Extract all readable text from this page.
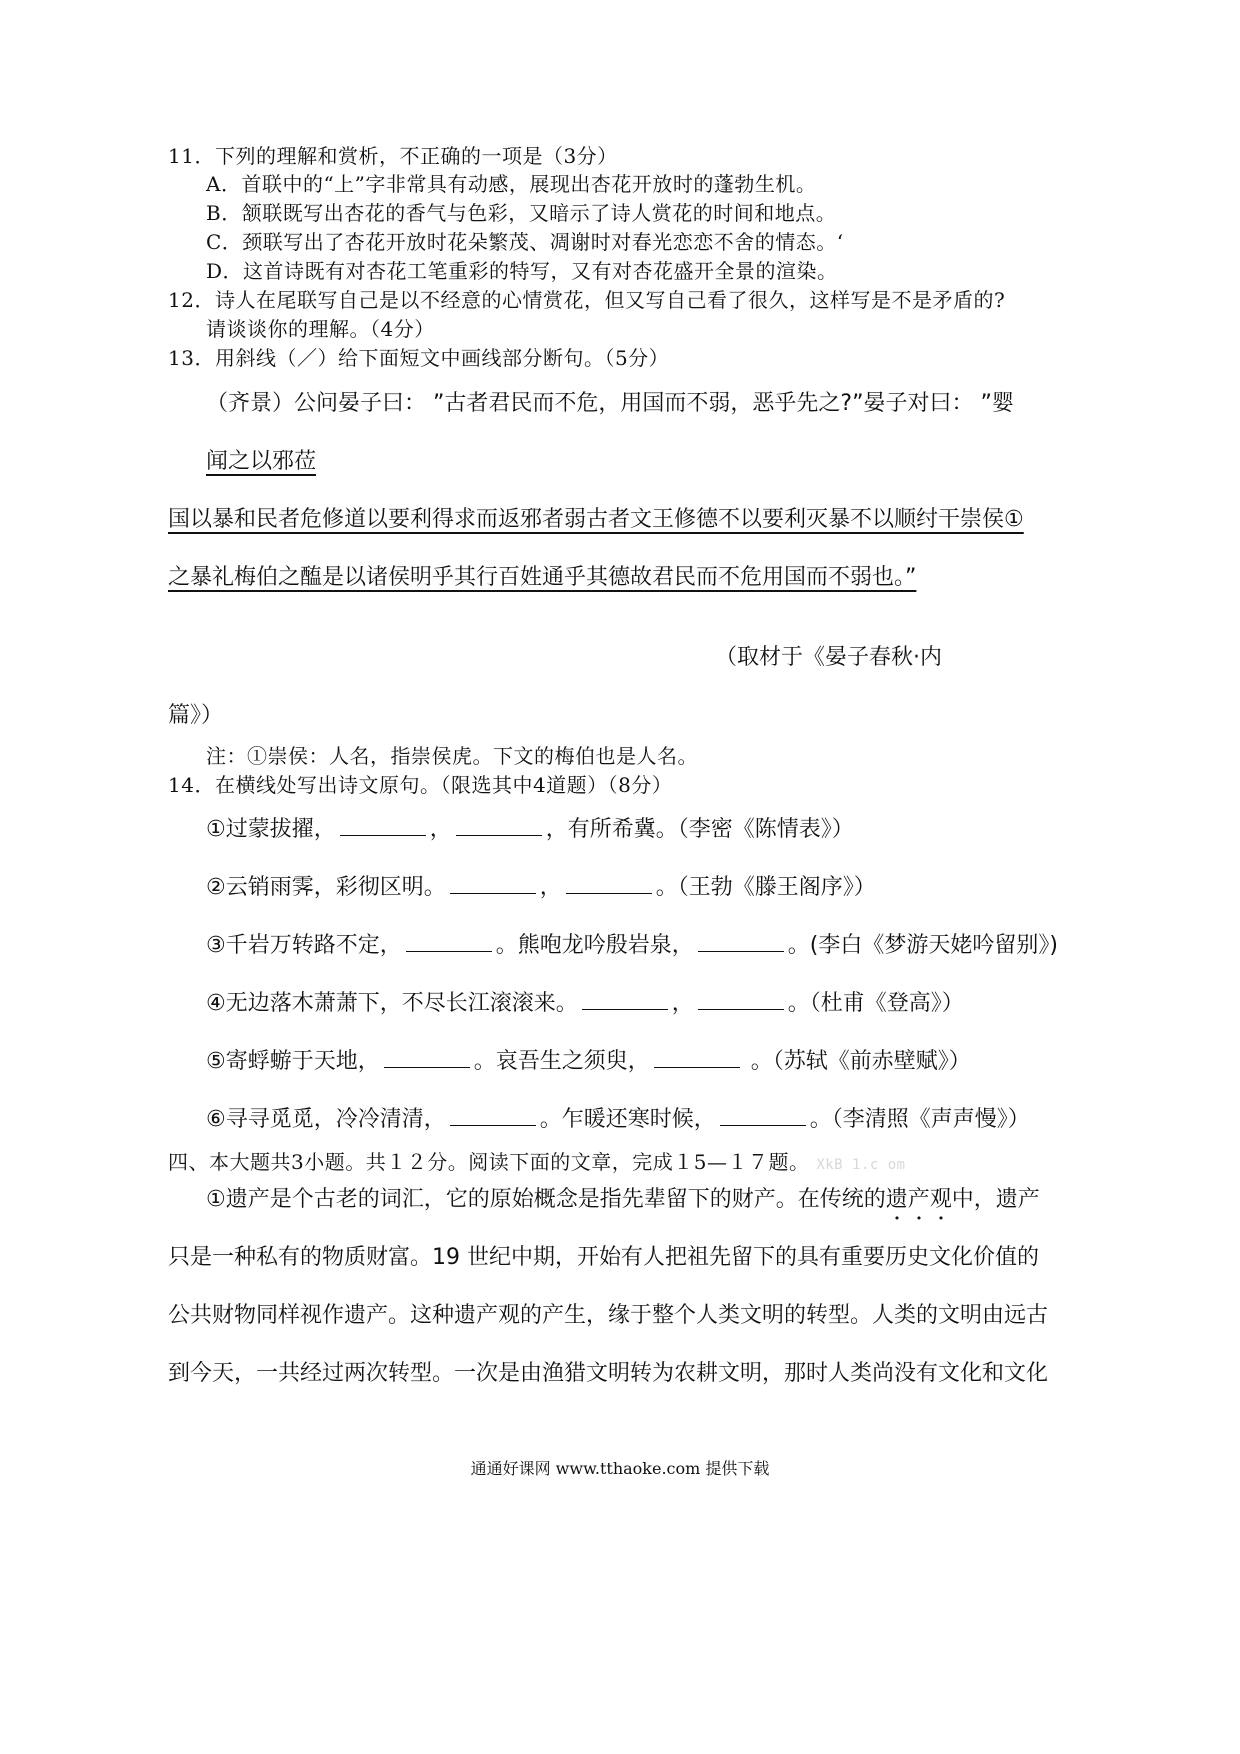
11．下列的理解和赏析，不正确的一项是（3分）
A．首联中的“上”字非常具有动感，展现出杏花开放时的蓬勃生机。
B．颔联既写出杏花的香气与色彩，又暗示了诗人赏花的时间和地点。
C．颈联写出了杏花开放时花朵繁茂、凋谢时对春光恋恋不舍的情态。‘
D．这首诗既有对杏花工笔重彩的特写，又有对杏花盛开全景的渲染。
12．诗人在尾联写自己是以不经意的心情赏花，但又写自己看了很久，这样写是不是矛盾的?
请谈谈你的理解。（4分）
13．用斜线（／）给下面短文中画线部分断句。（5分）
（齐景）公问晏子曰： ”古者君民而不危，用国而不弱，恶乎先之?”晏子对曰： ”婴
闻之以邪莅
国以暴和民者危修道以要利得求而返邪者弱古者文王修德不以要利灭暴不以顺纣干崇侯①
之暴礼梅伯之醢是以诸侯明乎其行百姓通乎其德故君民而不危用国而不弱也。”
（取材于《晏子春秋·内
篇》）
注：①崇侯：人名，指崇侯虎。下文的梅伯也是人名。
14．在横线处写出诗文原句。（限选其中4道题）（8分）
①过蒙拔擢，	，	，有所希冀。（李密《陈情表》）
②云销雨霁，彩彻区明。	，	。（王勃《滕王阁序》）
③千岩万转路不定，	。熊咆龙吟殷岩泉，	。(李白《梦游天姥吟留别》)
④无边落木萧萧下，不尽长江滚滚来。	，	。（杜甫《登高》）
⑤寄蜉蝣于天地，	。哀吾生之须臾，	。（苏轼《前赤壁赋》）
⑥寻寻觅觅，冷冷清清，	。乍暖还寒时候，	。（李清照《声声慢》）
四、本大题共3小题。共１２分。阅读下面的文章，完成１5—１７题。 XkB 1.c om
①遗产是个古老的词汇，它的原始概念是指先辈留下的财产。在传统的遗产观中，遗产
只是一种私有的物质财富。19 世纪中期，开始有人把祖先留下的具有重要历史文化价值的
公共财物同样视作遗产。这种遗产观的产生，缘于整个人类文明的转型。人类的文明由远古
到今天，一共经过两次转型。一次是由渔猎文明转为农耕文明，那时人类尚没有文化和文化
通通好课网 www.tthaoke.com 提供下载
